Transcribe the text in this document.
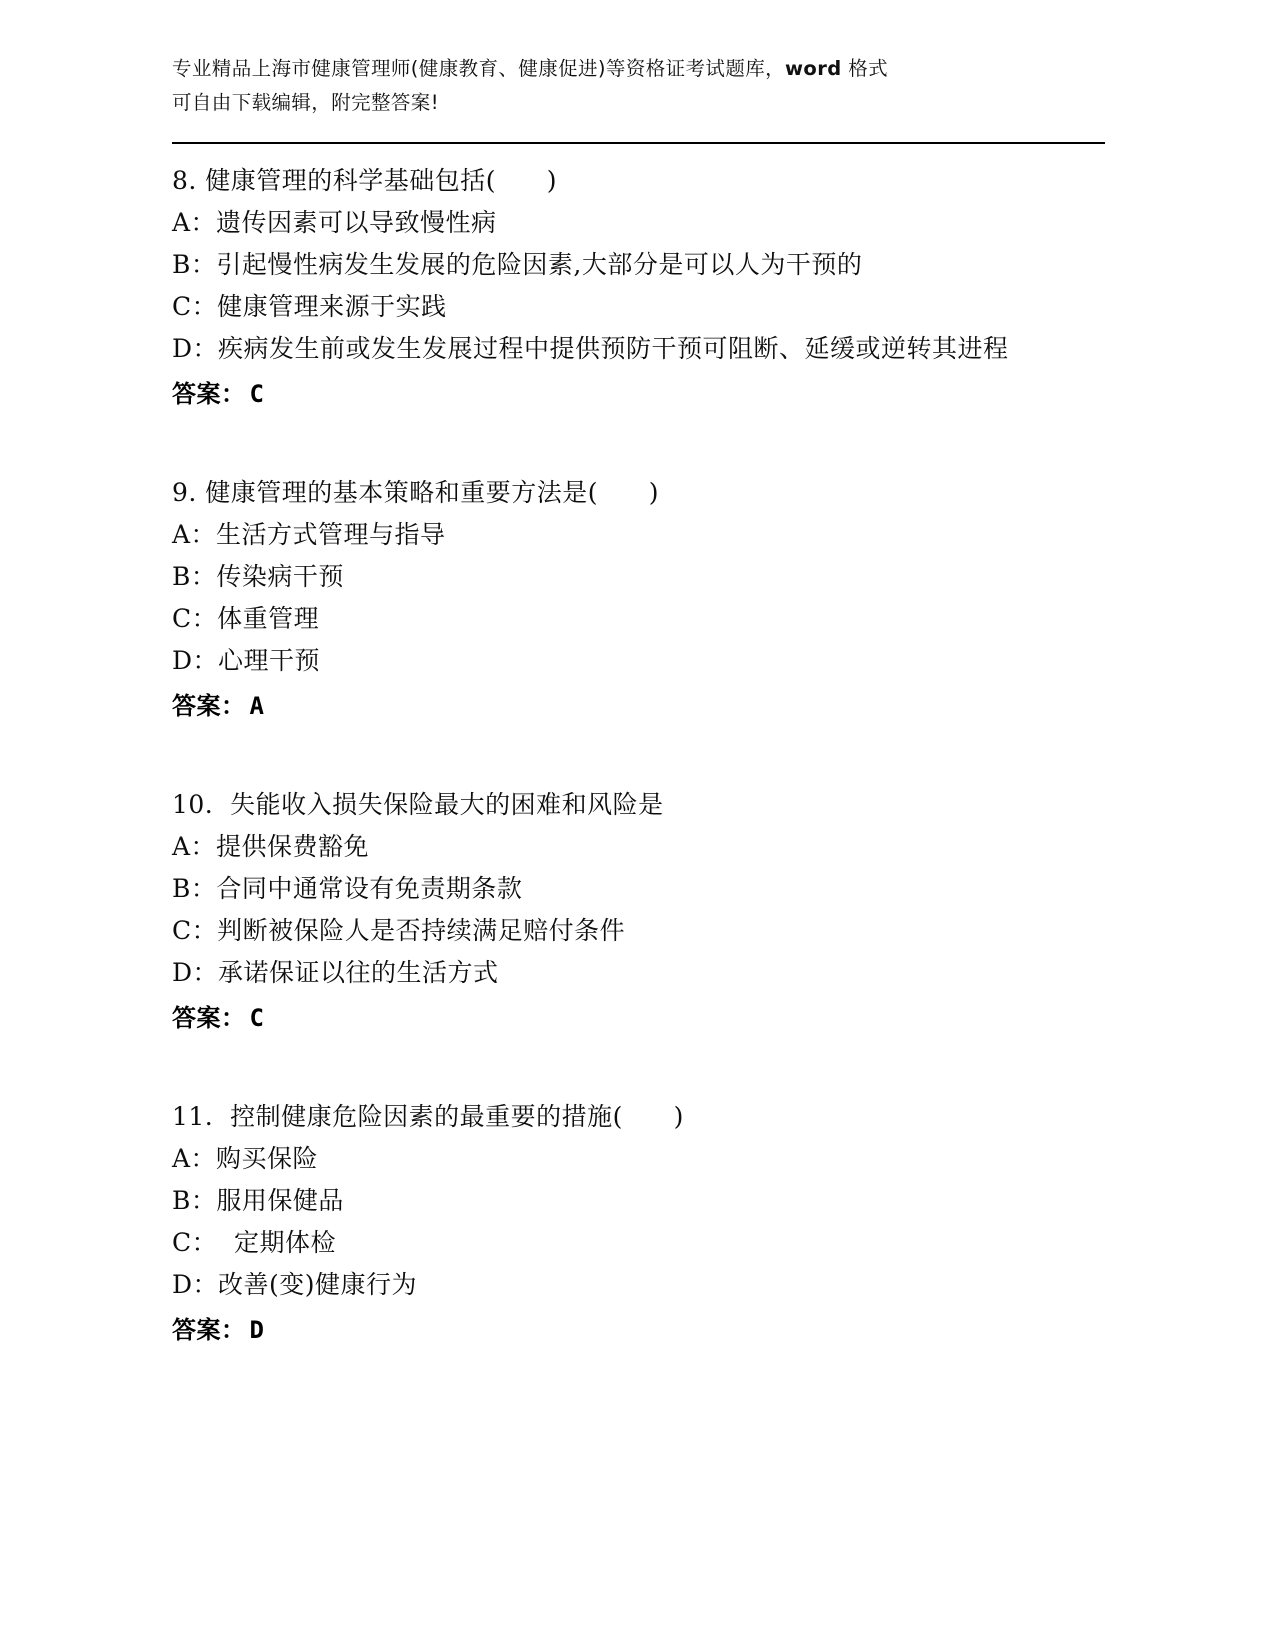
专业精品上海市健康管理师(健康教育、健康促进)等资格证考试题库，word 格式
可自由下载编辑，附完整答案!
8. 健康管理的科学基础包括(      )
A：遗传因素可以导致慢性病
B：引起慢性病发生发展的危险因素,大部分是可以人为干预的
C：健康管理来源于实践
D：疾病发生前或发生发展过程中提供预防干预可阻断、延缓或逆转其进程
答案： C
9. 健康管理的基本策略和重要方法是(      )
A：生活方式管理与指导
B：传染病干预
C：体重管理
D：心理干预
答案： A
10.  失能收入损失保险最大的困难和风险是
A：提供保费豁免
B：合同中通常设有免责期条款
C：判断被保险人是否持续满足赔付条件
D：承诺保证以往的生活方式
答案： C
11.  控制健康危险因素的最重要的措施(      )
A：购买保险
B：服用保健品
C：  定期体检
D：改善(变)健康行为
答案： D
